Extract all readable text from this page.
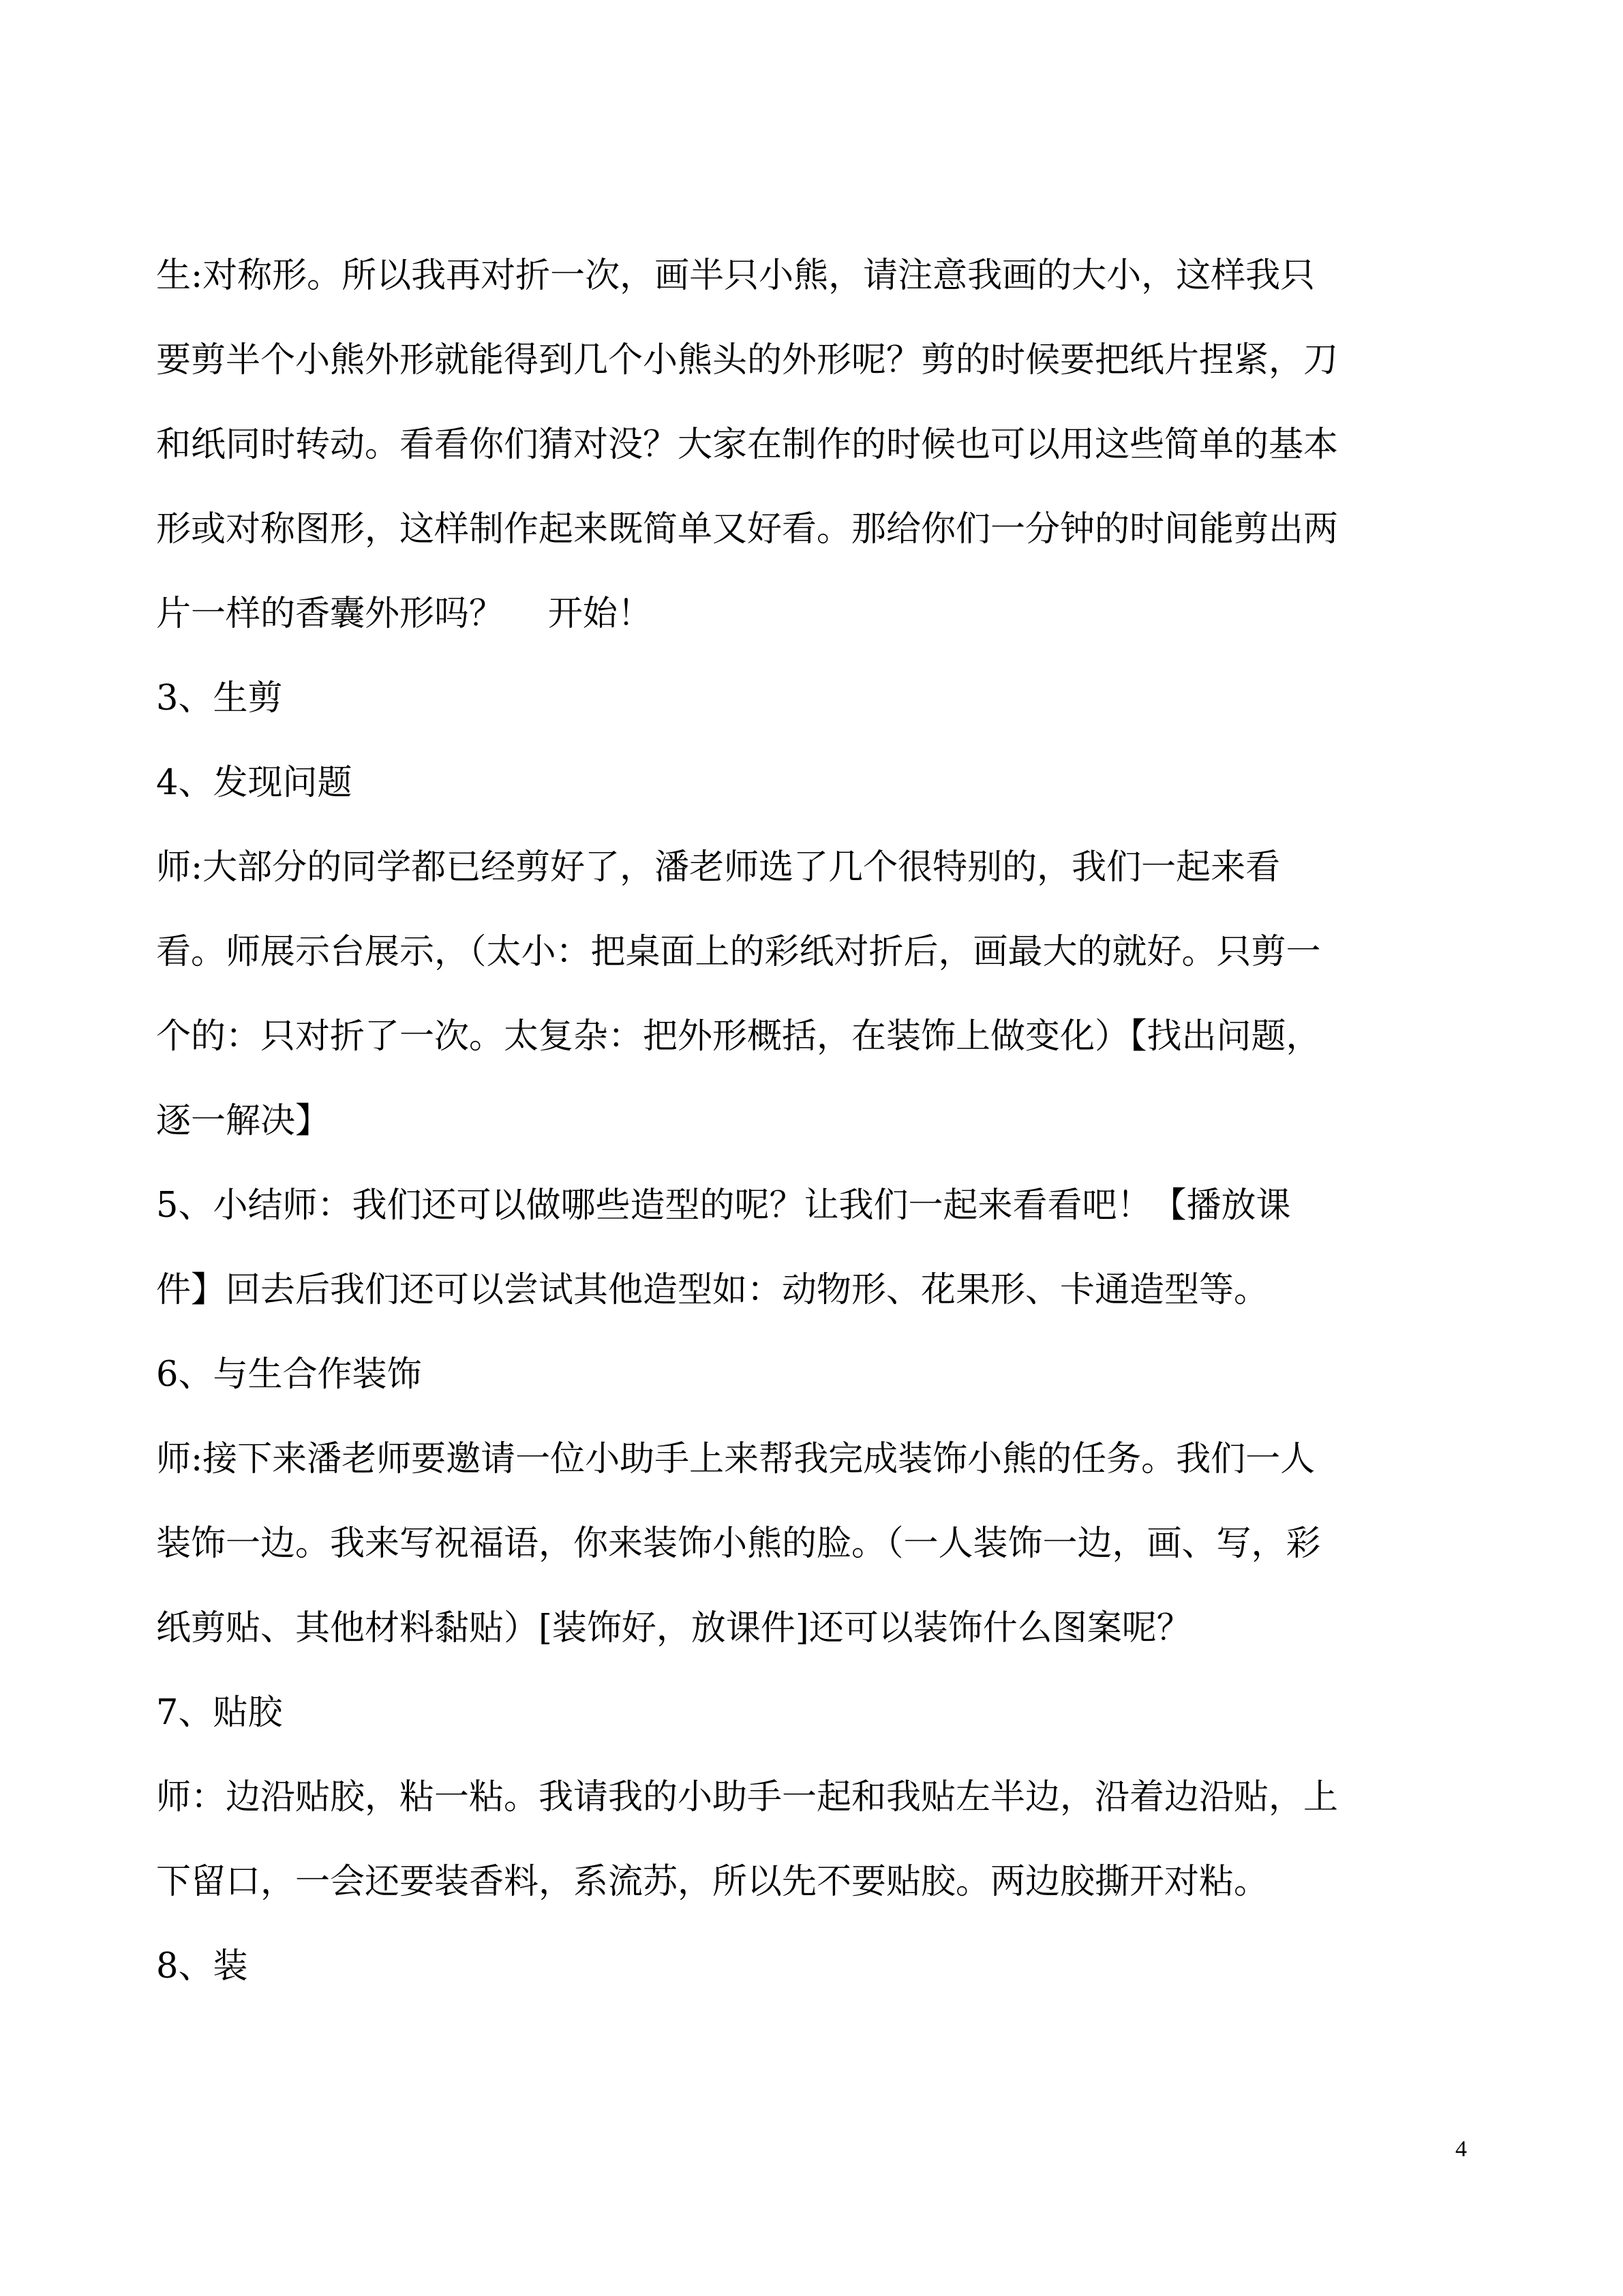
生:对称形。所以我再对折一次，画半只小熊，请注意我画的大小，这样我只
要剪半个小熊外形就能得到几个小熊头的外形呢？剪的时候要把纸片捏紧，刀
和纸同时转动。看看你们猜对没？大家在制作的时候也可以用这些简单的基本
形或对称图形，这样制作起来既简单又好看。那给你们一分钟的时间能剪出两
片一样的香囊外形吗？    开始！
3、生剪
4、发现问题
师:大部分的同学都已经剪好了，潘老师选了几个很特别的，我们一起来看
看。师展示台展示，（太小：把桌面上的彩纸对折后，画最大的就好。只剪一
个的：只对折了一次。太复杂：把外形概括，在装饰上做变化）【找出问题，
逐一解决】
5、小结师：我们还可以做哪些造型的呢？让我们一起来看看吧！【播放课
件】回去后我们还可以尝试其他造型如：动物形、花果形、卡通造型等。
6、与生合作装饰
师:接下来潘老师要邀请一位小助手上来帮我完成装饰小熊的任务。我们一人
装饰一边。我来写祝福语，你来装饰小熊的脸。（一人装饰一边，画、写，彩
纸剪贴、其他材料黏贴）[装饰好，放课件]还可以装饰什么图案呢？
7、贴胶
师：边沿贴胶，粘一粘。我请我的小助手一起和我贴左半边，沿着边沿贴，上
下留口，一会还要装香料，系流苏，所以先不要贴胶。两边胶撕开对粘。
8、装
4
